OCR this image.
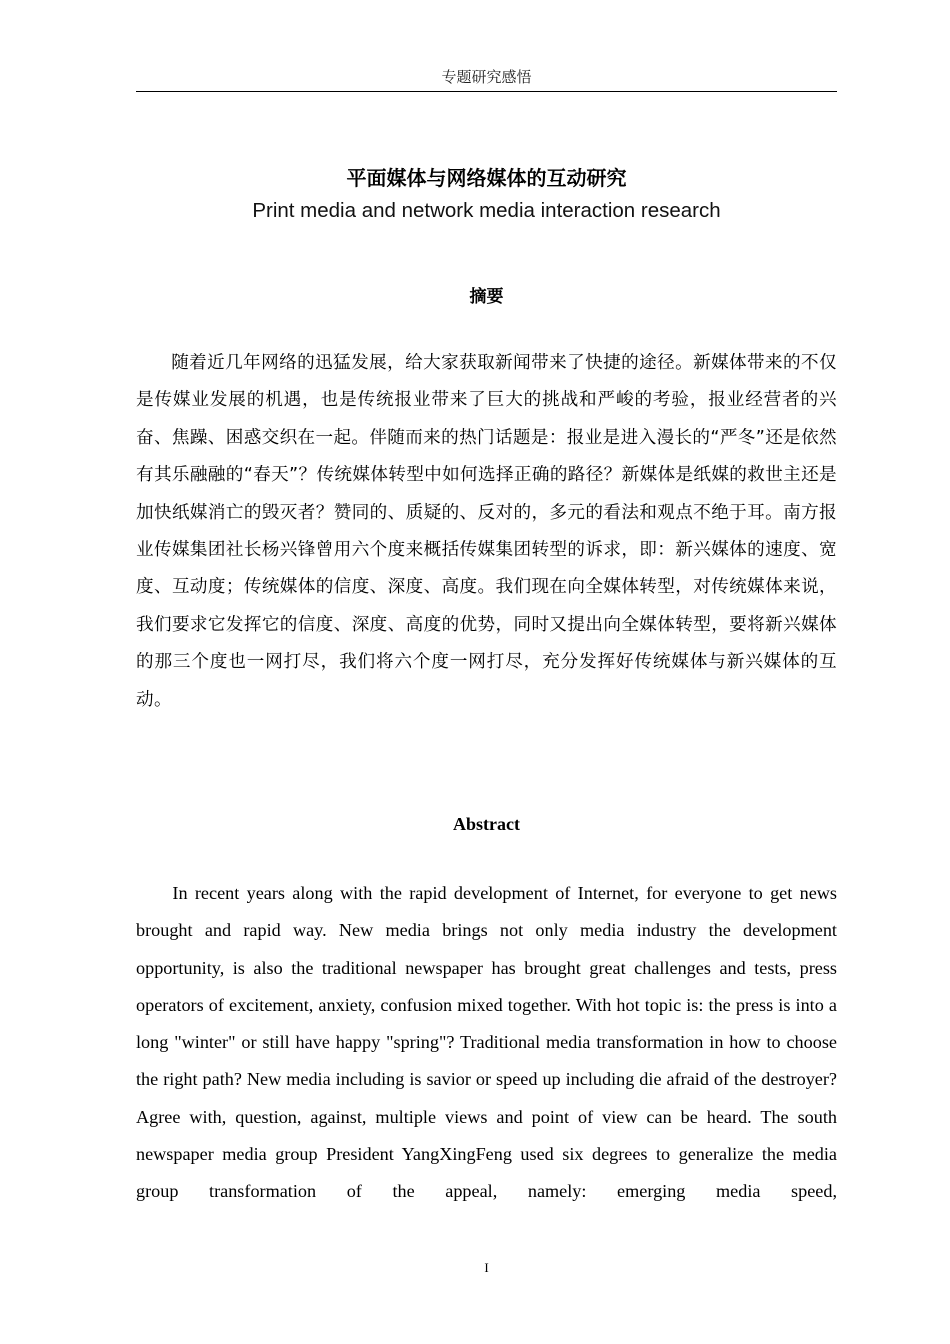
专题研究感悟
平面媒体与网络媒体的互动研究
Print media and network media interaction research
摘要

随着近几年网络的迅猛发展，给大家获取新闻带来了快捷的途径。新媒体带来的不仅是传媒业发展的机遇，也是传统报业带来了巨大的挑战和严峻的考验，报业经营者的兴奋、焦躁、困惑交织在一起。伴随而来的热门话题是：报业是进入漫长的“严冬”还是依然有其乐融融的“春天”？传统媒体转型中如何选择正确的路径？新媒体是纸媒的救世主还是加快纸媒消亡的毁灭者？赞同的、质疑的、反对的，多元的看法和观点不绝于耳。南方报业传媒集团社长杨兴锋曾用六个度来概括传媒集团转型的诉求，即：新兴媒体的速度、宽度、互动度；传统媒体的信度、深度、高度。我们现在向全媒体转型，对传统媒体来说，我们要求它发挥它的信度、深度、高度的优势，同时又提出向全媒体转型，要将新兴媒体的那三个度也一网打尽，我们将六个度一网打尽，充分发挥好传统媒体与新兴媒体的互动。

Abstract

In recent years along with the rapid development of Internet, for everyone to get news brought and rapid way. New media brings not only media industry the development opportunity, is also the traditional newspaper has brought great challenges and tests, press operators of excitement, anxiety, confusion mixed together. With hot topic is: the press is into a long "winter" or still have happy "spring"? Traditional media transformation in how to choose the right path? New media including is savior or speed up including die afraid of the destroyer? Agree with, question, against, multiple views and point of view can be heard. The south newspaper media group President YangXingFeng used six degrees to generalize the media group transformation of the appeal, namely: emerging media speed,

I
